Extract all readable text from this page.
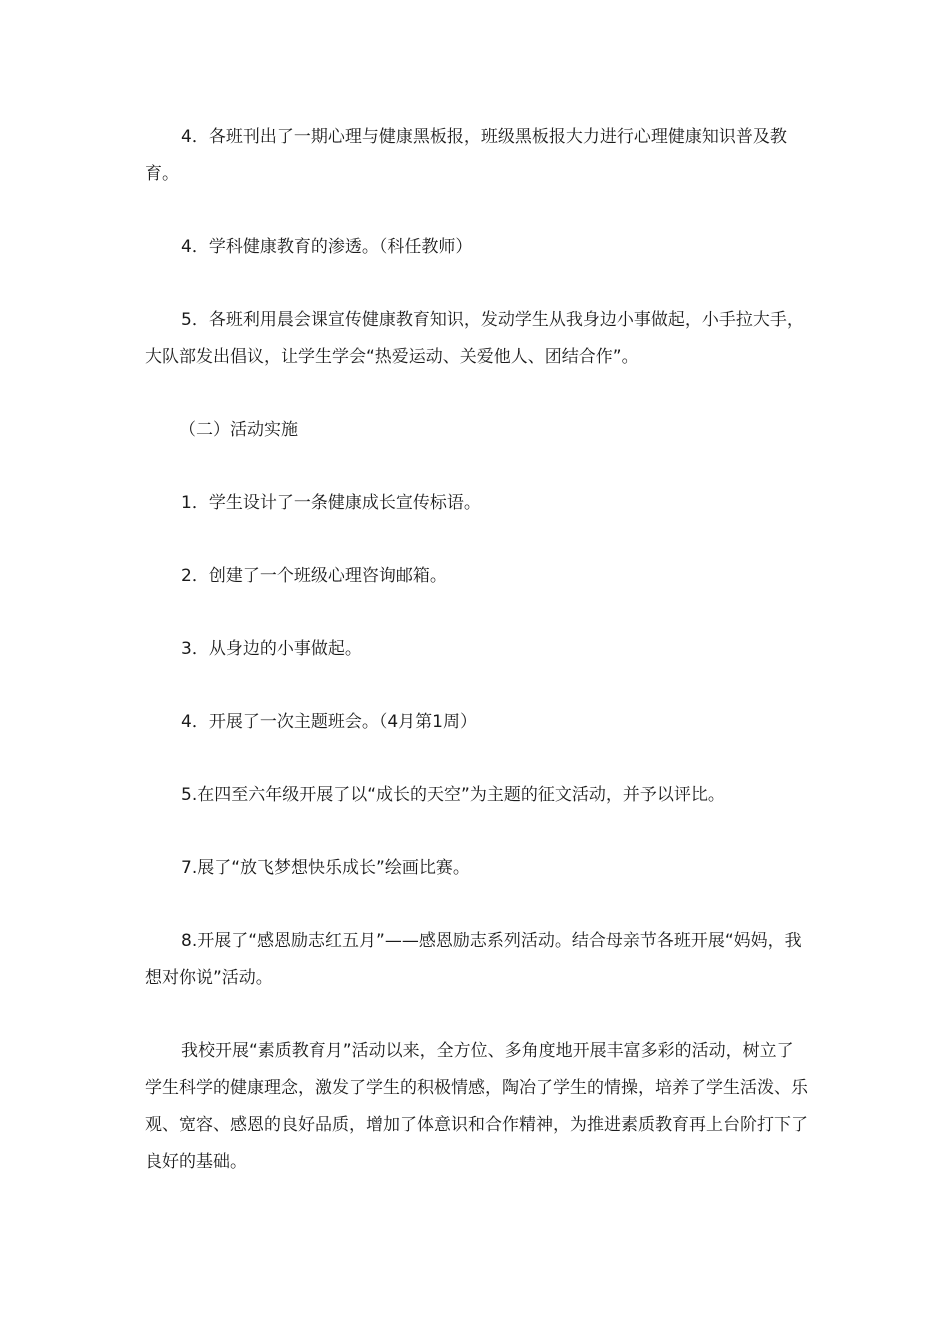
4．各班刊出了一期心理与健康黑板报，班级黑板报大力进行心理健康知识普及教育。

4．学科健康教育的渗透。（科任教师）

5．各班利用晨会课宣传健康教育知识，发动学生从我身边小事做起，小手拉大手，大队部发出倡议，让学生学会“热爱运动、关爱他人、团结合作”。

（二）活动实施

1．学生设计了一条健康成长宣传标语。

2．创建了一个班级心理咨询邮箱。

3．从身边的小事做起。

4．开展了一次主题班会。（4月第1周）

5.在四至六年级开展了以“成长的天空”为主题的征文活动，并予以评比。

7.展了“放飞梦想快乐成长”绘画比赛。

8.开展了“感恩励志红五月”——感恩励志系列活动。结合母亲节各班开展“妈妈，我想对你说”活动。

我校开展“素质教育月”活动以来，全方位、多角度地开展丰富多彩的活动，树立了学生科学的健康理念，激发了学生的积极情感，陶冶了学生的情操，培养了学生活泼、乐观、宽容、感恩的良好品质，增加了体意识和合作精神，为推进素质教育再上台阶打下了良好的基础。
